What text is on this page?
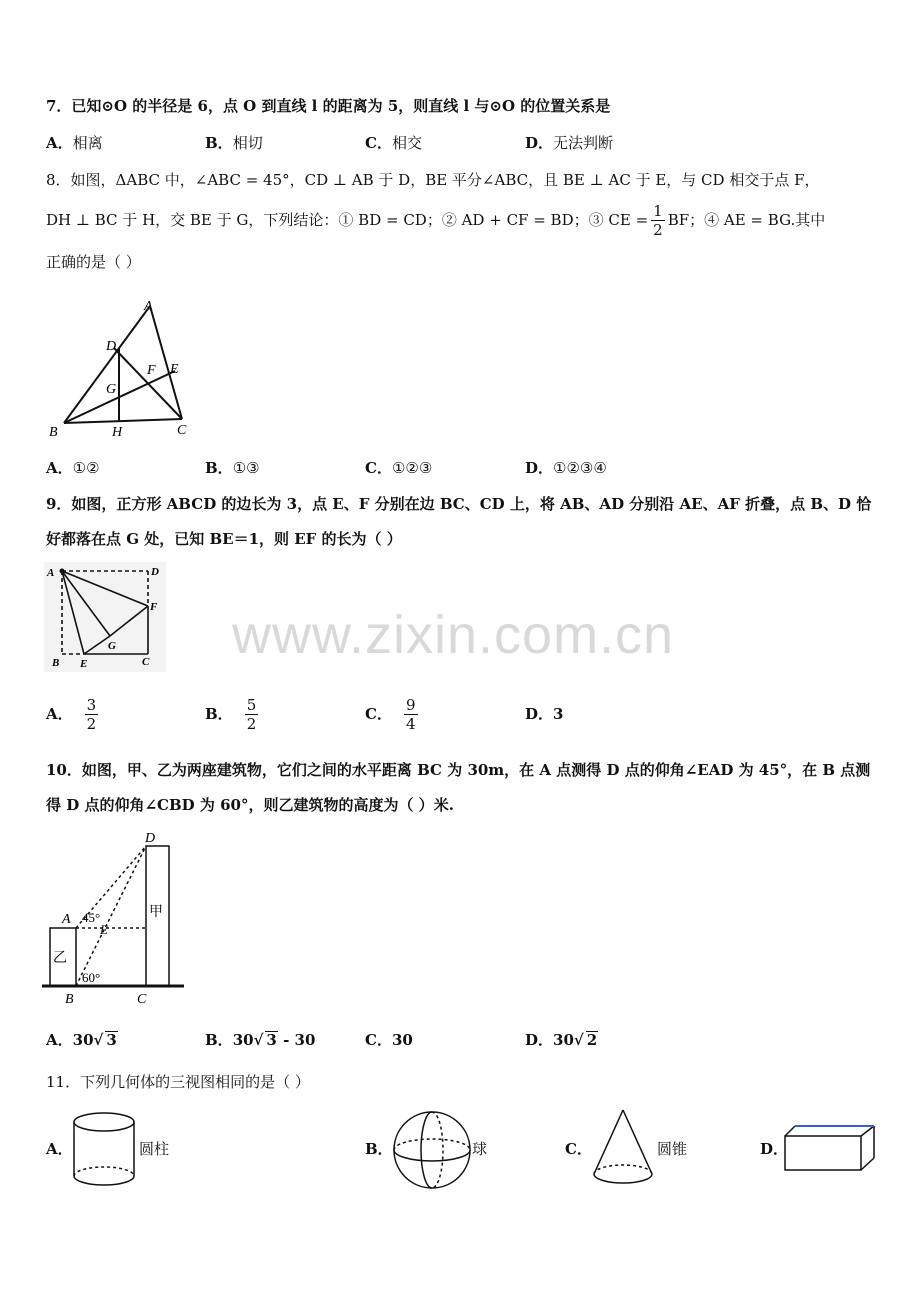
www.zixin.com.cn
7．已知⊙O 的半径是 6，点 O 到直线 l 的距离为 5，则直线 l 与⊙O 的位置关系是
A．相离	B．相切	C．相交	D．无法判断
8．如图，ΔABC 中，∠ABC = 45°，CD ⊥ AB 于 D，BE 平分∠ABC，且 BE ⊥ AC 于 E，与 CD 相交于点 F，
DH ⊥ BC 于 H，交 BE 于 G，下列结论：① BD = CD；② AD + CF = BD；③ CE = $\frac{1}{2}$ BF；④ AE = BG.其中
正确的是（ ）
A
D
F E
G
B	H	C
A．①②	B．①③	C．①②③	D．①②③④
9．如图，正方形 ABCD 的边长为 3，点 E、F 分别在边 BC、CD 上，将 AB、AD 分别沿 AE、AF 折叠，点 B、D 恰
好都落在点 G 处，已知 BE＝1，则 EF 的长为（ ）
A	D
F
G
B E	C
A． $\frac{3}{2}$	B． $\frac{5}{2}$	C． $\frac{9}{4}$	D．3
10．如图，甲、乙为两座建筑物，它们之间的水平距离 BC 为 30m，在 A 点测得 D 点的仰角∠EAD 为 45°，在 B 点测
得 D 点的仰角∠CBD 为 60°，则乙建筑物的高度为（ ）米.
D
A 45°
E
60°
甲
乙
B	C
A．30√ 3	B．30√ 3 - 30	C．30	D．30√ 2
11．下列几何体的三视图相同的是（ ）
A．	圆柱	B．	球	C．	圆锥	D．
